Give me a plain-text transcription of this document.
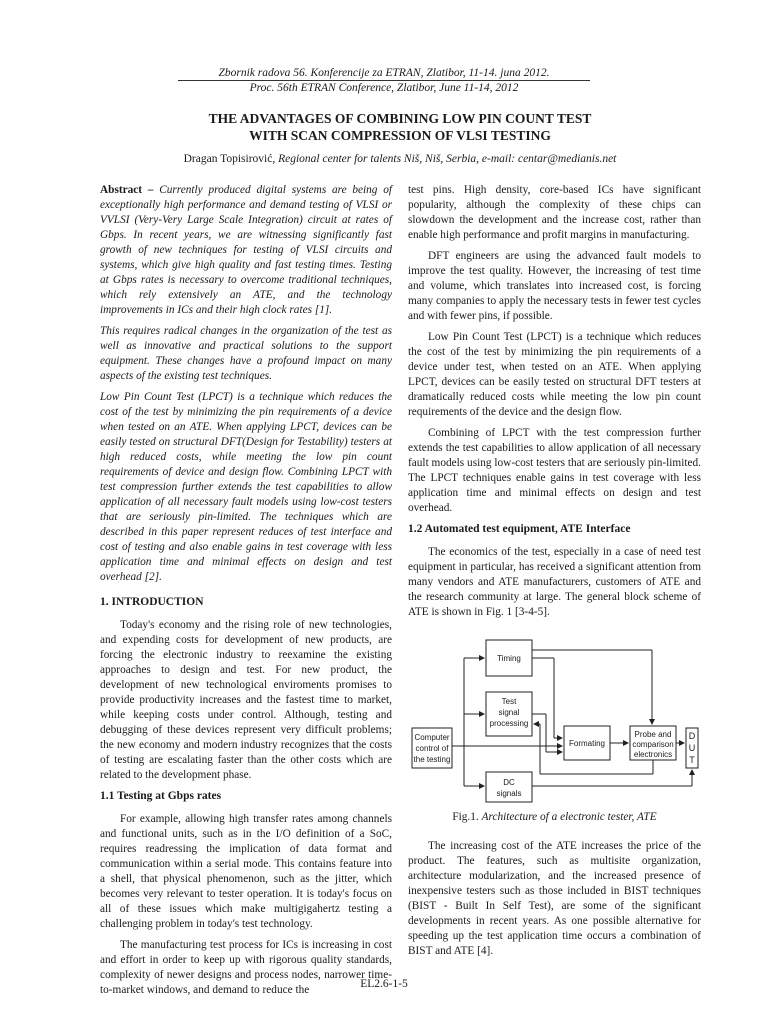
Zbornik radova 56. Konferencije za ETRAN, Zlatibor, 11-14. juna 2012.
Proc. 56th ETRAN Conference, Zlatibor, June 11-14, 2012
THE ADVANTAGES OF COMBINING LOW PIN COUNT TEST
WITH SCAN COMPRESSION OF VLSI TESTING
Dragan Topisirović, Regional center for talents Niš, Niš, Serbia, e-mail: centar@medianis.net

Abstract – Currently produced digital systems are being of exceptionally high performance and demand testing of VLSI or VVLSI (Very-Very Large Scale Integration) circuit at rates of Gbps. In recent years, we are witnessing significantly fast growth of new techniques for testing of VLSI circuits and systems, which give high quality and fast testing times. Testing at Gbps rates is necessary to overcome traditional techniques, which rely extensively an ATE, and the technology improvements in ICs and their high clock rates [1].

This requires radical changes in the organization of the test as well as innovative and practical solutions to the support equipment. These changes have a profound impact on many aspects of the existing test techniques.

Low Pin Count Test (LPCT) is a technique which reduces the cost of the test by minimizing the pin requirements of a device when tested on an ATE. When applying LPCT, devices can be easily tested on structural DFT(Design for Testability) testers at high reduced costs, while meeting the low pin count requirements of device and design flow. Combining LPCT with test compression further extends the test capabilities to allow application of all necessary fault models using low-cost testers that are seriously pin-limited. The techniques which are described in this paper represent reduces of test interface and cost of testing and also enable gains in test coverage with less application time and minimal effects on design and test overhead [2].

1. INTRODUCTION

Today's economy and the rising role of new technologies, and expending costs for development of new products, are forcing the electronic industry to reexamine the existing approaches to design and test. For new product, the development of new technological enviroments promises to provide productivity increases and the fastest time to market, while keeping costs under control. Although, testing and debugging of these devices represent very difficult problems; the new economy and modern industry recognizes that the costs of testing are escalating faster than the other costs which are related to the development phase.

1.1 Testing at Gbps rates

For example, allowing high transfer rates among channels and functional units, such as in the I/O definition of a SoC, requires readressing the implication of data format and communication within a serial mode. This contains feature into a shell, that physical phenomenon, such as the jitter, which becomes very relevant to tester operation. It is today's focus on all of these issues which make multigigahertz testing a challenging problem in today's test technology.

The manufacturing test process for ICs is increasing in cost and effort in order to keep up with rigorous quality standards, complexity of newer designs and process nodes, narrower time-to-market windows, and demand to reduce the

test pins. High density, core-based ICs have significant popularity, although the complexity of these chips can slowdown the development and the increase cost, rather than enable high performance and profit margins in manufacturing.

DFT engineers are using the advanced fault models to improve the test quality. However, the increasing of test time and volume, which translates into increased cost, is forcing many companies to apply the necessary tests in fewer test cycles and with fewer pins, if possible.

Low Pin Count Test (LPCT) is a technique which reduces the cost of the test by minimizing the pin requirements of a device under test, when tested on an ATE. When applying LPCT, devices can be easily tested on structural DFT testers at dramatically reduced costs while meeting the low pin count requirements of the device and the design flow.

Combining of LPCT with the test compression further extends the test capabilities to allow application of all necessary fault models using low-cost testers that are seriously pin-limited. The LPCT techniques enable gains in test coverage with less application time and minimal effects on design and test overhead.

1.2 Automated test equipment, ATE Interface

The economics of the test, especially in a case of need test equipment in particular, has received a significant attention from many vendors and ATE manufacturers, customers of ATE and the research community at large. The general block scheme of ATE is shown in Fig. 1 [3-4-5].

Timing
Test
signal
processing
Computer
control of
the testing
Formating
Probe and
comparison
electronics
DC
signals
D
U
T
Fig.1. Architecture of a electronic tester, ATE

The increasing cost of the ATE increases the price of the product. The features, such as multisite organization, architecture modularization, and the increased presence of inexpensive testers such as those included in BIST techniques (BIST - Built In Self Test), are some of the significant developments in recent years. As one possible alternative for speeding up the test application time occurs a combination of BIST and ATE [4].

EL2.6-1-5
